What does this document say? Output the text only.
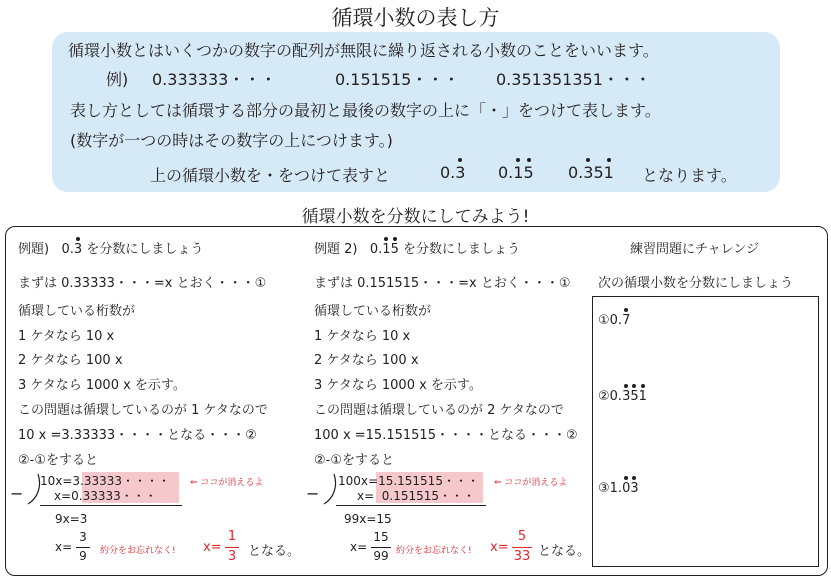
循環小数の表し方
循環小数とはいくつかの数字の配列が無限に繰り返される小数のことをいいます。
例) 0.333333・・・	0.151515・・・ 0.351351351・・・
表し方としては循環する部分の最初と最後の数字の上に「・」をつけて表します。
(数字が一つの時はその数字の上につけます。)
上の循環小数を・をつけて表すと	0.3 0.15 0.351 となります。
循環小数を分数にしてみよう!
例題) 0.3 を分数にしましょう
まずは 0.33333・・・=x とおく・・・①
循環している桁数が
1 ケタなら 10 x
2 ケタなら 100 x
3 ケタなら 1000 x を示す。
この問題は循環しているのが 1 ケタなので
10 x =3.33333・・・・となる・・・②
②-①をすると
10x=3.33333・・・・
x=0.33333・・・
−
⇐ ココが消えるよ
9x=3
x=
3
9	約分をお忘れなく! x=
1
3 となる。
例題 2) 0.15 を分数にしましょう
まずは 0.151515・・・=x とおく・・・①
循環している桁数が
1 ケタなら 10 x
2 ケタなら 100 x
3 ケタなら 1000 x を示す。
この問題は循環しているのが 2 ケタなので
100 x =15.151515・・・・となる・・・②
②-①をすると
100x=15.151515・・・
x= 0.151515・・・
−
⇐ ココが消えるよ
99x=15
x=
15
99 約分をお忘れなく! x=
5
33 となる。
練習問題にチャレンジ
次の循環小数を分数にしましょう
①0.7
②0.351
③1.03
